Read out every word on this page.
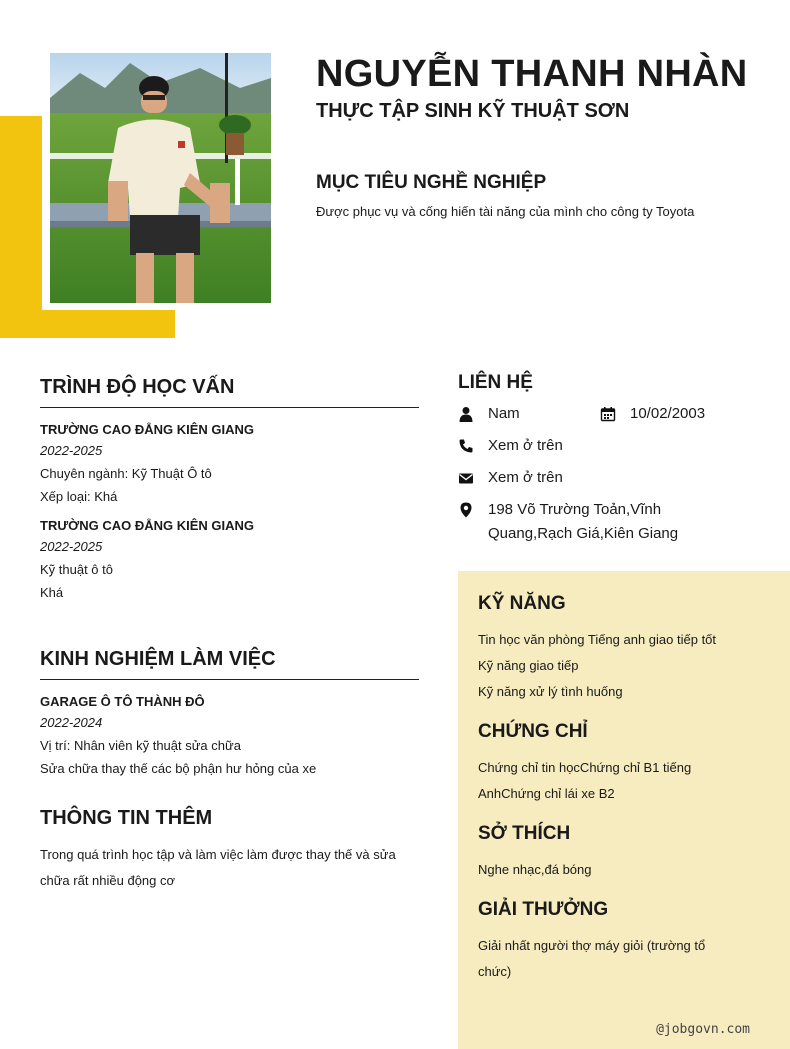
NGUYỄN THANH NHÀN
THỰC TẬP SINH KỸ THUẬT SƠN
MỤC TIÊU NGHỀ NGHIỆP

Được phục vụ và cống hiến tài năng của mình cho công ty Toyota

TRÌNH ĐỘ HỌC VẤN
TRƯỜNG CAO ĐẲNG KIÊN GIANG
2022-2025
Chuyên ngành: Kỹ Thuật Ô tô
Xếp loại: Khá
TRƯỜNG CAO ĐẲNG KIÊN GIANG
2022-2025
Kỹ thuật ô tô
Khá
KINH NGHIỆM LÀM VIỆC
GARAGE Ô TÔ THÀNH ĐÔ
2022-2024
Vị trí: Nhân viên kỹ thuật sửa chữa
Sửa chữa thay thế các bộ phận hư hỏng của xe
THÔNG TIN THÊM
Trong quá trình học tập và làm việc làm được thay thế và sửa
chữa rất nhiều động cơ
LIÊN HỆ
Nam	10/02/2003
Xem ở trên
Xem ở trên
198 Võ Trường Toản,Vĩnh
Quang,Rạch Giá,Kiên Giang
KỸ NĂNG
Tin học văn phòng Tiếng anh giao tiếp tốt
Kỹ năng giao tiếp
Kỹ năng xử lý tình huống
CHỨNG CHỈ
Chứng chỉ tin họcChứng chỉ B1 tiếng
AnhChứng chỉ lái xe B2
SỞ THÍCH
Nghe nhạc,đá bóng
GIẢI THƯỞNG
Giải nhất người thợ máy giỏi (trường tổ
chức)
@jobgovn.com
